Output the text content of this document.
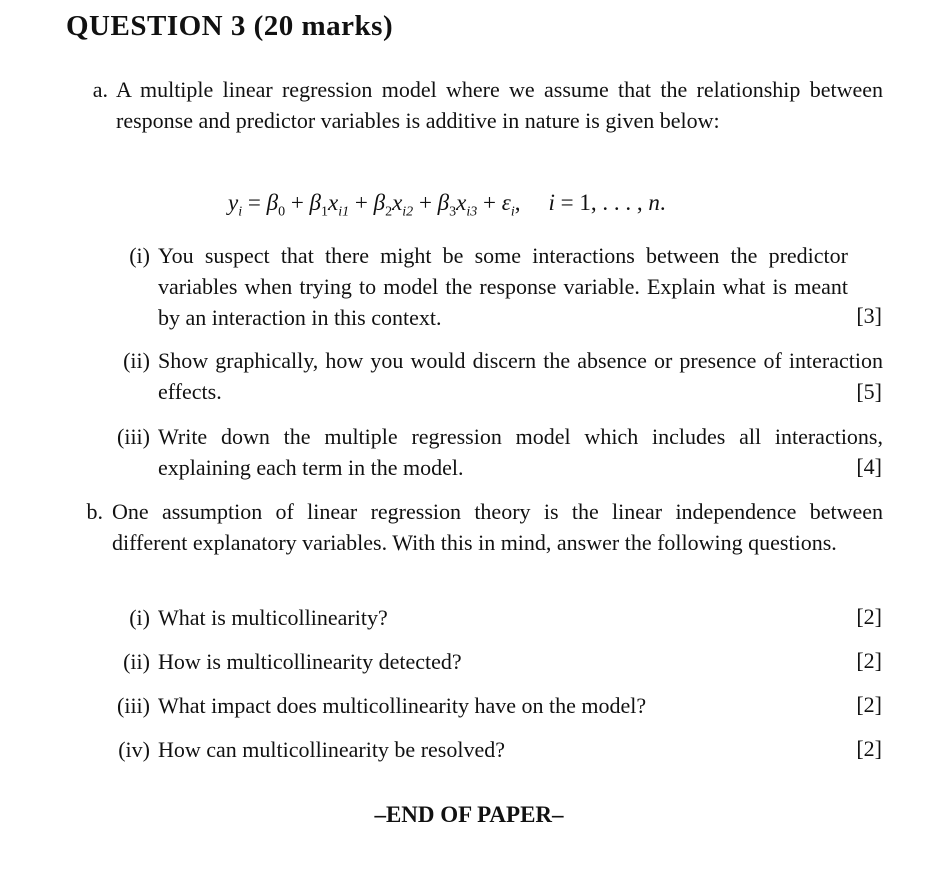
QUESTION 3 (20 marks)
a. A multiple linear regression model where we assume that the relationship between response and predictor variables is additive in nature is given below:
$y_i = \beta_0 + \beta_1x_{i1} + \beta_2x_{i2} + \beta_3x_{i3} + \varepsilon_i$, i = 1, . . . , n.
(i) You suspect that there might be some interactions between the predictor variables when trying to model the response variable. Explain what is meant by an interaction in this context.	[3]
(ii) Show graphically, how you would discern the absence or presence of interaction effects.	[5]
(iii) Write down the multiple regression model which includes all interactions, explaining each term in the model.	[4]
b. One assumption of linear regression theory is the linear independence between different explanatory variables. With this in mind, answer the following questions.
(i) What is multicollinearity?	[2]
(ii) How is multicollinearity detected?	[2]
(iii) What impact does multicollinearity have on the model?	[2]
(iv) How can multicollinearity be resolved?	[2]
–END OF PAPER–
